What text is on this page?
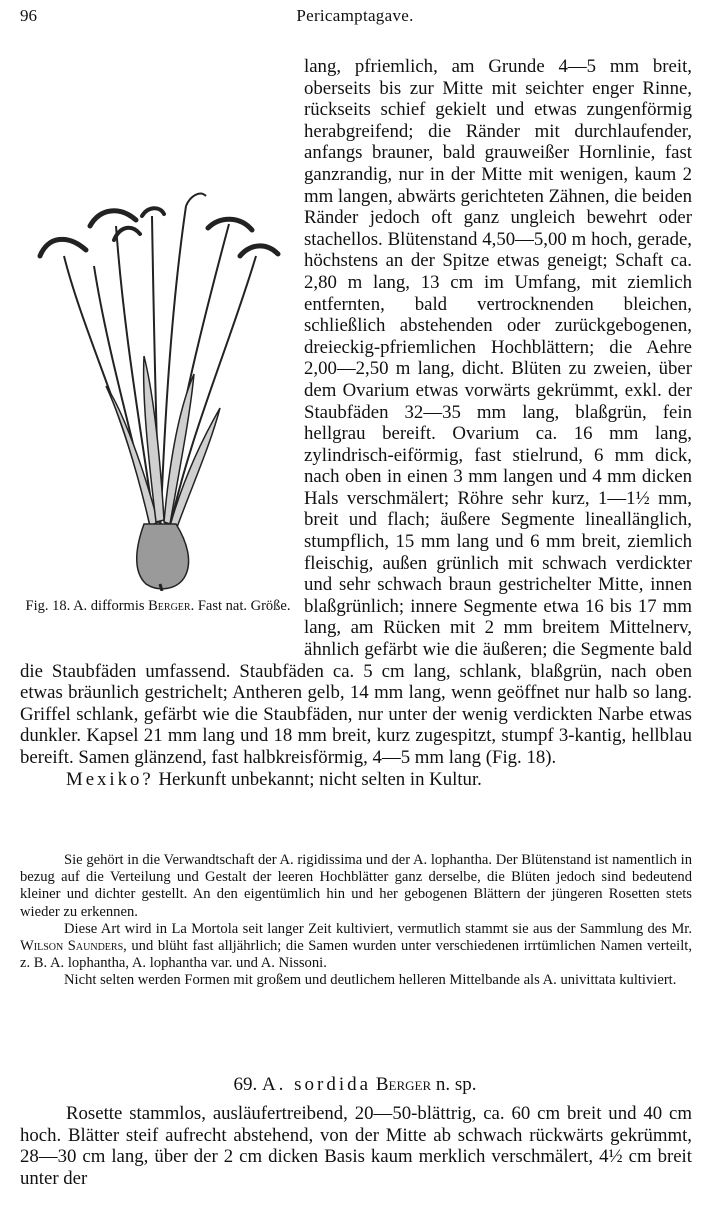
96	Pericamptagave.
Fig. 18. A. difformis Berger. Fast nat. Größe.

lang, pfriemlich, am Grunde 4—5 mm breit, oberseits bis zur Mitte mit seichter enger Rinne, rückseits schief gekielt und etwas zungenförmig herabgreifend; die Ränder mit durchlaufender, anfangs brauner, bald grauweißer Hornlinie, fast ganzrandig, nur in der Mitte mit wenigen, kaum 2 mm langen, abwärts gerichteten Zähnen, die beiden Ränder jedoch oft ganz ungleich bewehrt oder stachellos. Blütenstand 4,50—5,00 m hoch, gerade, höchstens an der Spitze etwas geneigt; Schaft ca. 2,80 m lang, 13 cm im Umfang, mit ziemlich entfernten, bald vertrocknenden bleichen, schließlich abstehenden oder zurückgebogenen, dreieckig-pfriemlichen Hochblättern; die Aehre 2,00—2,50 m lang, dicht. Blüten zu zweien, über dem Ovarium etwas vorwärts gekrümmt, exkl. der Staubfäden 32—35 mm lang, blaßgrün, fein hellgrau bereift. Ovarium ca. 16 mm lang, zylindrisch-eiförmig, fast stielrund, 6 mm dick, nach oben in einen 3 mm langen und 4 mm dicken Hals verschmälert; Röhre sehr kurz, 1—1½ mm, breit und flach; äußere Segmente lineallänglich, stumpflich, 15 mm lang und 6 mm breit, ziemlich fleischig, außen grünlich mit schwach verdickter und sehr schwach braun gestrichelter Mitte, innen blaßgrünlich; innere Segmente etwa 16 bis 17 mm lang, am Rücken mit 2 mm breitem Mittelnerv, ähnlich gefärbt wie die äußeren; die Segmente bald die Staubfäden umfassend. Staubfäden ca. 5 cm lang, schlank, blaßgrün, nach oben etwas bräunlich gestrichelt; Antheren gelb, 14 mm lang, wenn geöffnet nur halb so lang. Griffel schlank, gefärbt wie die Staubfäden, nur unter der wenig verdickten Narbe etwas dunkler. Kapsel 21 mm lang und 18 mm breit, kurz zugespitzt, stumpf 3-kantig, hellblau bereift. Samen glänzend, fast halbkreisförmig, 4—5 mm lang (Fig. 18).

Mexiko? Herkunft unbekannt; nicht selten in Kultur.

Sie gehört in die Verwandtschaft der A. rigidissima und der A. lophantha. Der Blütenstand ist namentlich in bezug auf die Verteilung und Gestalt der leeren Hochblätter ganz derselbe, die Blüten jedoch sind bedeutend kleiner und dichter gestellt. An den eigentümlich hin und her gebogenen Blättern der jüngeren Rosetten stets wieder zu erkennen.

Diese Art wird in La Mortola seit langer Zeit kultiviert, vermutlich stammt sie aus der Sammlung des Mr. Wilson Saunders, und blüht fast alljährlich; die Samen wurden unter verschiedenen irrtümlichen Namen verteilt, z. B. A. lophantha, A. lophantha var. und A. Nissoni.

Nicht selten werden Formen mit großem und deutlichem helleren Mittelbande als A. univittata kultiviert.

69. A. sordida Berger n. sp.

Rosette stammlos, ausläufertreibend, 20—50-blättrig, ca. 60 cm breit und 40 cm hoch. Blätter steif aufrecht abstehend, von der Mitte ab schwach rückwärts gekrümmt, 28—30 cm lang, über der 2 cm dicken Basis kaum merklich verschmälert, 4½ cm breit unter der
